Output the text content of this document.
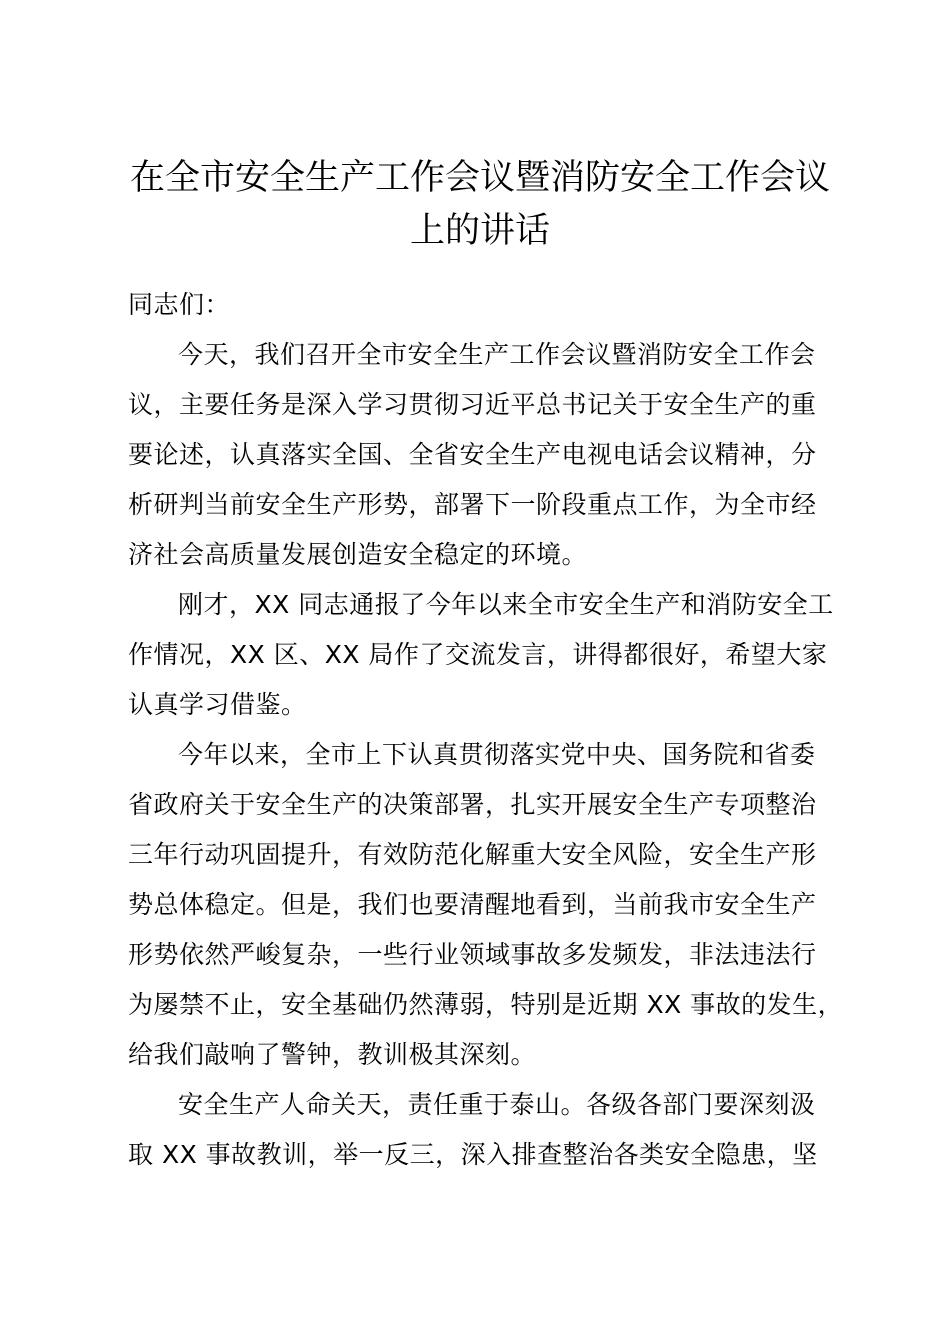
在全市安全生产工作会议暨消防安全工作会议
上的讲话
同志们：
今天，我们召开全市安全生产工作会议暨消防安全工作会
议，主要任务是深入学习贯彻习近平总书记关于安全生产的重
要论述，认真落实全国、全省安全生产电视电话会议精神，分
析研判当前安全生产形势，部署下一阶段重点工作，为全市经
济社会高质量发展创造安全稳定的环境。
刚才，XX 同志通报了今年以来全市安全生产和消防安全工
作情况，XX 区、XX 局作了交流发言，讲得都很好，希望大家
认真学习借鉴。
今年以来，全市上下认真贯彻落实党中央、国务院和省委
省政府关于安全生产的决策部署，扎实开展安全生产专项整治
三年行动巩固提升，有效防范化解重大安全风险，安全生产形
势总体稳定。但是，我们也要清醒地看到，当前我市安全生产
形势依然严峻复杂，一些行业领域事故多发频发，非法违法行
为屡禁不止，安全基础仍然薄弱，特别是近期 XX 事故的发生，
给我们敲响了警钟，教训极其深刻。
安全生产人命关天，责任重于泰山。各级各部门要深刻汲
取 XX 事故教训，举一反三，深入排查整治各类安全隐患，坚
